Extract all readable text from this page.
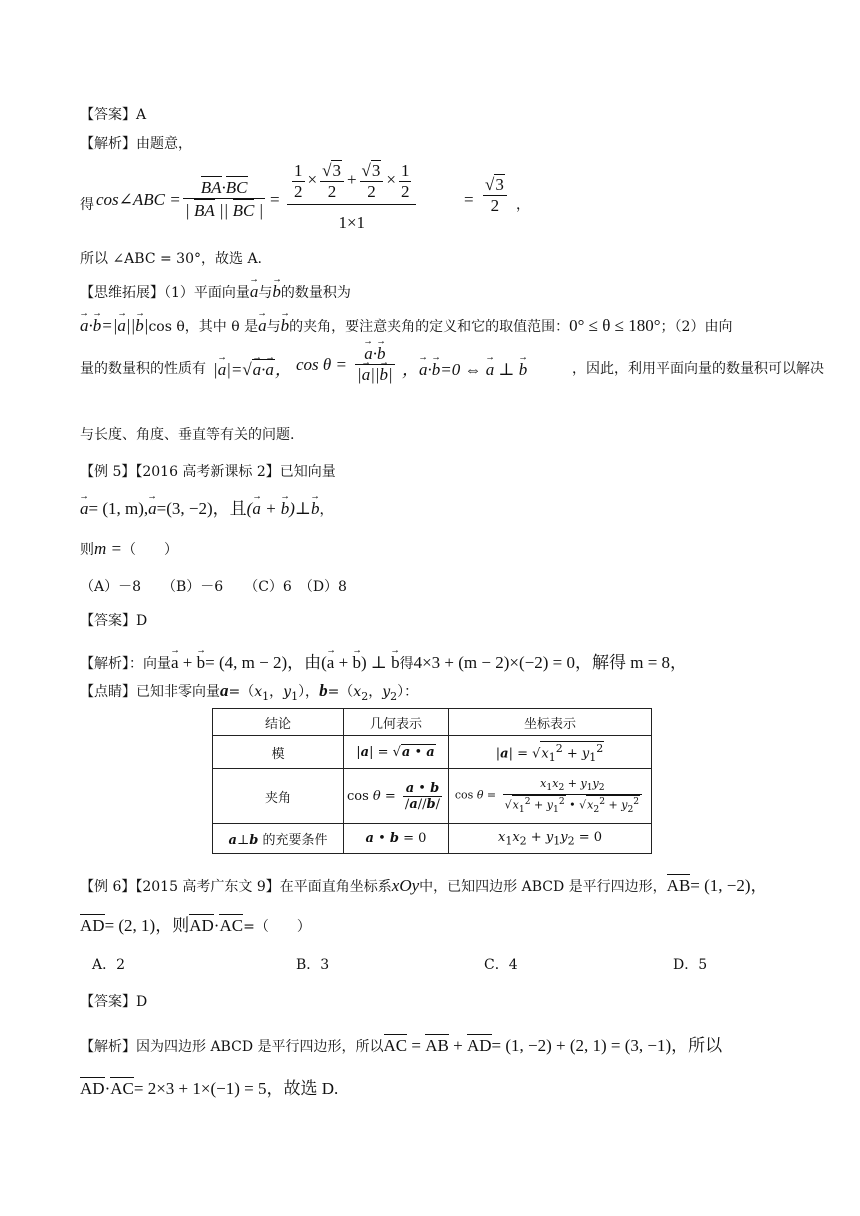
【答案】A
【解析】由题意，
得 cos∠ABC = $\frac{BA\cdot BC}{| BA || BC |} = \frac{\frac{1}{2} \times \frac{√3}{2} + \frac{√3}{2} \times \frac{1}{2}}{1\times 1}$	= $\frac{√3}{2}$ ，
所以 ∠ABC = 30°，故选 A.
【思维拓展】（1）平面向量→ a与→ b的数量积为
→ a·→ b=|→ a||→ b|cos θ，其中 θ 是→ a与→ b的夹角，要注意夹角的定义和它的取值范围：0° ≤ θ ≤ 180°；（2）由向
量的数量积的性质有 |→ a|=√→ a·→ a， cos θ = → $\frac{a\cdot\to b}{|\to a||\to b|}$ ，→ a·→ b=0 ⇔ → a ⊥ → b	，因此，利用平面向量的数量积可以解决
与长度、角度、垂直等有关的问题.
【例 5】【2016 高考新课标 2】已知向量
→ a= (1, m),→ a=(3, −2)，且(→ a + → b)⊥→ b，
则m =（　　）
（A）－8　　（B）－6　　（C）6　（D）8
【答案】D
【解析】：向量→ a + → b= (4, m − 2)，由(→ a + → b) ⊥ → b得4×3 + (m − 2)×(−2) = 0，解得 m = 8，
【点睛】已知非零向量$a=(x_1$，$y_1$），$b=(x_2$，$y_2$）：
结论	几何表示	坐标表示
模	|a| = √a • a	$|a| = √x_1^2 + y_1^2$
夹角	$\cos \theta = \frac{a • b}{/a//b/}$	$\cos \theta = \frac{x_1x_2 + y_1y_2}{√x_1^2 + y_1^2 • √x_2^2 + y_2^2}$

a⊥b 的充要条件	a • b = 0	$x_1x_2 + y_1y_2 = 0$
【例 6】【2015 高考广东文 9】在平面直角坐标系xOy中，已知四边形 ABCD 是平行四边形，AB= (1, −2)，
AD= (2, 1)，则AD·AC=（　　）
A．2	B．3	C．4	D．5
【答案】D
【解析】因为四边形 ABCD 是平行四边形，所以AC = AB + AD= (1, −2) + (2, 1) = (3, −1)，所以
AD·AC= 2×3 + 1×(−1) = 5，故选 D.
